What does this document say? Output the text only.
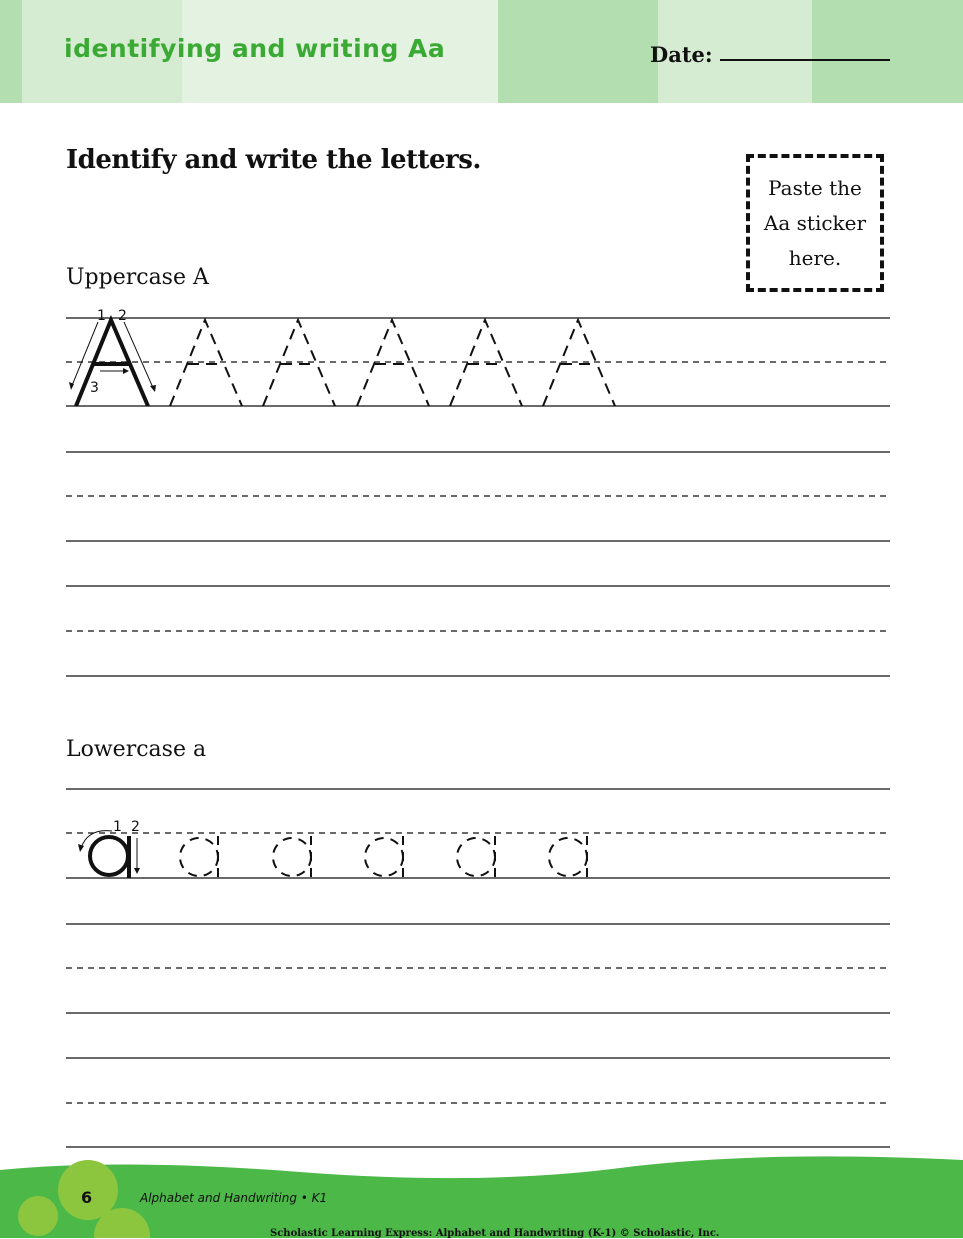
identifying and writing Aa	Date:
Identify and write the letters.
Paste the Aa sticker here.
Uppercase A
Lowercase a
1 2
3
1 2
6	Alphabet and Handwriting • K1
Scholastic Learning Express: Alphabet and Handwriting (K-1) © Scholastic, Inc.
